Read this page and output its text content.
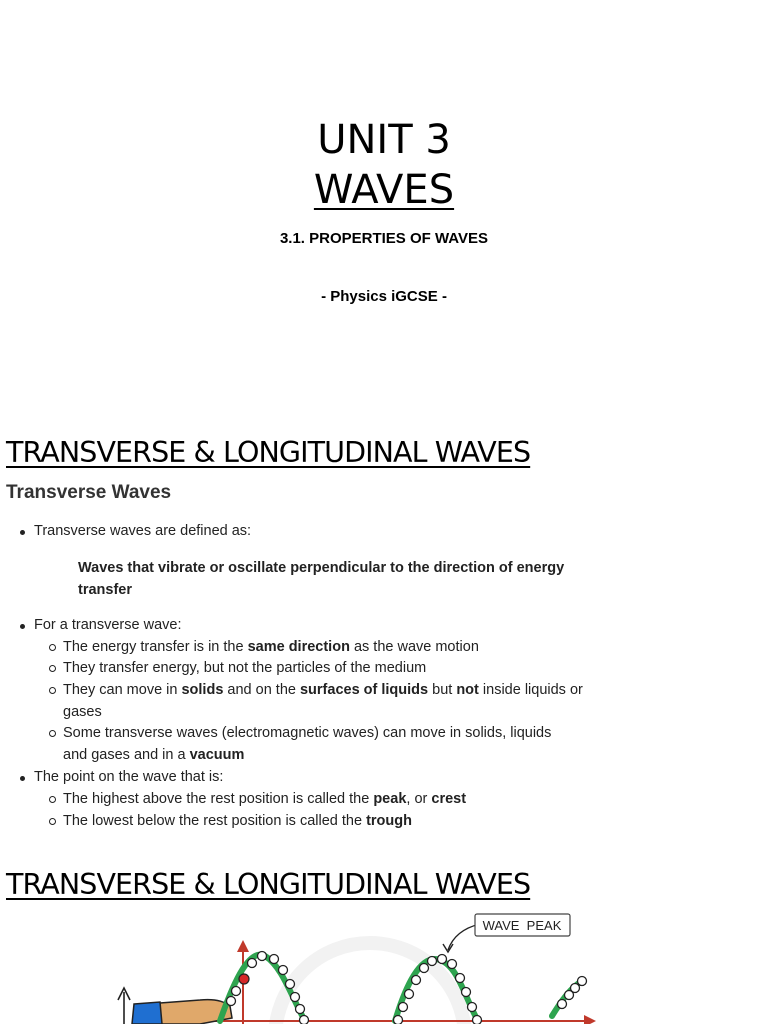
UNIT 3
WAVES
3.1. PROPERTIES OF WAVES
- Physics iGCSE -
TRANSVERSE & LONGITUDINAL WAVES
Transverse Waves
Transverse waves are defined as:
Waves that vibrate or oscillate perpendicular to the direction of energy
transfer
For a transverse wave:
The energy transfer is in the same direction as the wave motion
They transfer energy, but not the particles of the medium
They can move in solids and on the surfaces of liquids but not inside liquids or
gases
Some transverse waves (electromagnetic waves) can move in solids, liquids
and gases and in a vacuum
The point on the wave that is:
The highest above the rest position is called the peak, or crest
The lowest below the rest position is called the trough
TRANSVERSE & LONGITUDINAL WAVES
WAVE  PEAK
